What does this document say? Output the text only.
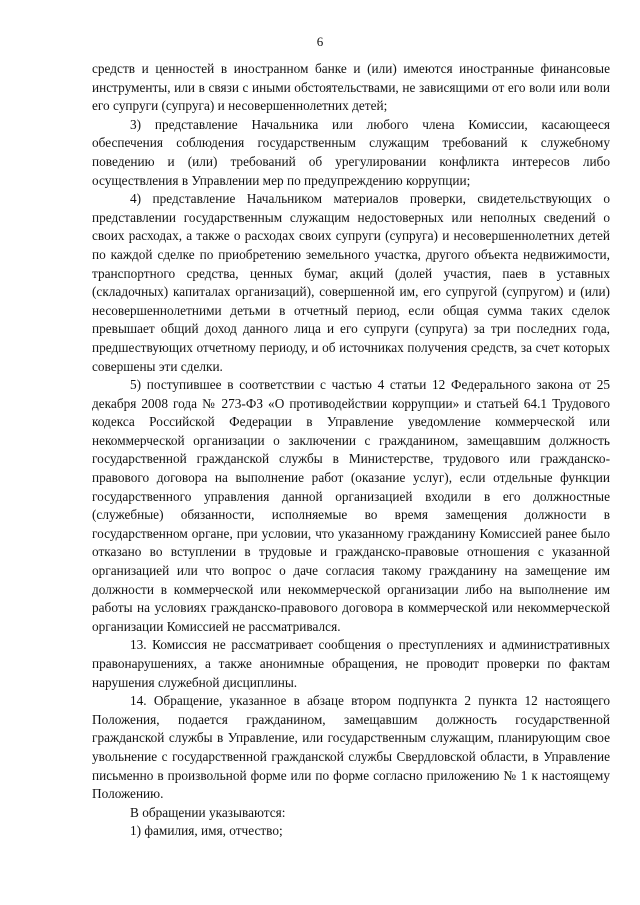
6

средств и ценностей в иностранном банке и (или) имеются иностранные финансовые инструменты, или в связи с иными обстоятельствами, не зависящими от его воли или воли его супруги (супруга) и несовершеннолетних детей;

3) представление Начальника или любого члена Комиссии, касающееся обеспечения соблюдения государственным служащим требований к служебному поведению и (или) требований об урегулировании конфликта интересов либо осуществления в Управлении мер по предупреждению коррупции;

4) представление Начальником материалов проверки, свидетельствующих о представлении государственным служащим недостоверных или неполных сведений о своих расходах, а также о расходах своих супруги (супруга) и несовершеннолетних детей по каждой сделке по приобретению земельного участка, другого объекта недвижимости, транспортного средства, ценных бумаг, акций (долей участия, паев в уставных (складочных) капиталах организаций), совершенной им, его супругой (супругом) и (или) несовершеннолетними детьми в отчетный период, если общая сумма таких сделок превышает общий доход данного лица и его супруги (супруга) за три последних года, предшествующих отчетному периоду, и об источниках получения средств, за счет которых совершены эти сделки.

5) поступившее в соответствии с частью 4 статьи 12 Федерального закона от 25 декабря 2008 года № 273-ФЗ «О противодействии коррупции» и статьей 64.1 Трудового кодекса Российской Федерации в Управление уведомление коммерческой или некоммерческой организации о заключении с гражданином, замещавшим должность государственной гражданской службы в Министерстве, трудового или гражданско-правового договора на выполнение работ (оказание услуг), если отдельные функции государственного управления данной организацией входили в его должностные (служебные) обязанности, исполняемые во время замещения должности в государственном органе, при условии, что указанному гражданину Комиссией ранее было отказано во вступлении в трудовые и гражданско-правовые отношения с указанной организацией или что вопрос о даче согласия такому гражданину на замещение им должности в коммерческой или некоммерческой организации либо на выполнение им работы на условиях гражданско-правового договора в коммерческой или некоммерческой организации Комиссией не рассматривался.

13. Комиссия не рассматривает сообщения о преступлениях и административных правонарушениях, а также анонимные обращения, не проводит проверки по фактам нарушения служебной дисциплины.

14. Обращение, указанное в абзаце втором подпункта 2 пункта 12 настоящего Положения, подается гражданином, замещавшим должность государственной гражданской службы в Управление, или государственным служащим, планирующим свое увольнение с государственной гражданской службы Свердловской области, в Управление письменно в произвольной форме или по форме согласно приложению № 1 к настоящему Положению.

В обращении указываются:

1) фамилия, имя, отчество;
